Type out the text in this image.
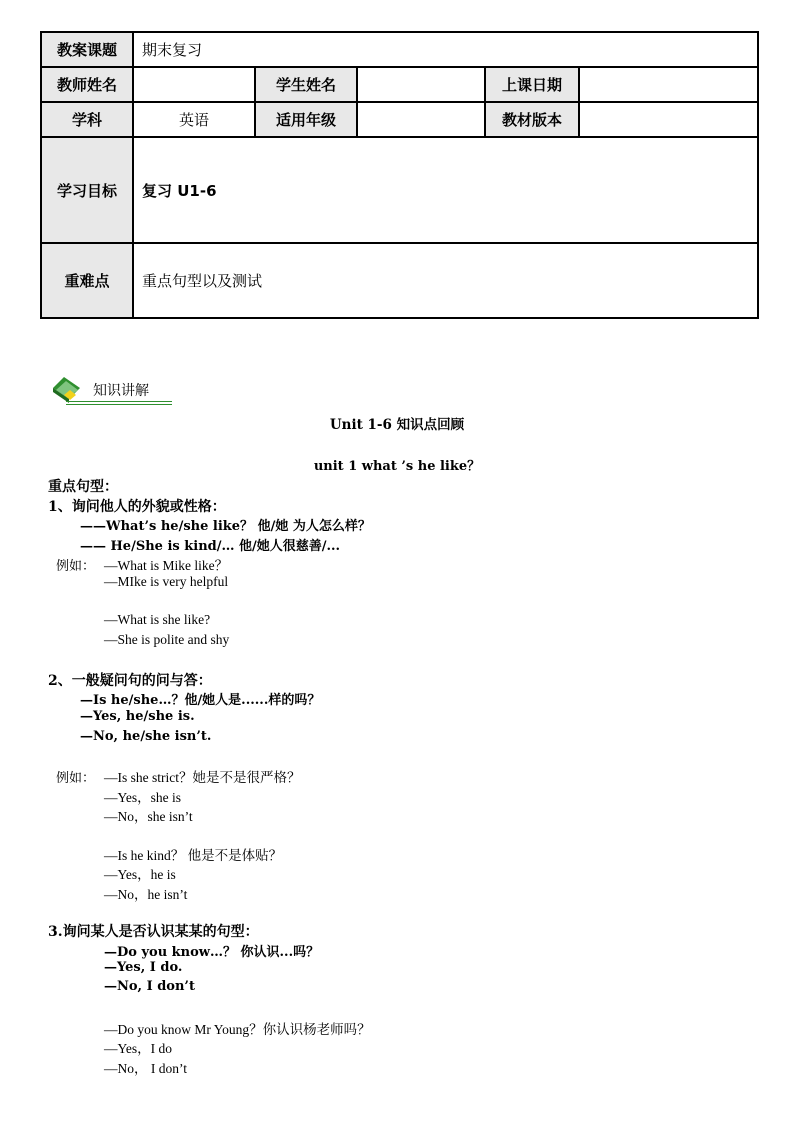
教案课题	期末复习				
教师姓名		学生姓名		上课日期	
学科	英语	适用年级		教材版本	
学习目标	复习 U1-6				
重难点	重点句型以及测试				
知识讲解
Unit 1-6 知识点回顾
unit 1 what ’s he like？
重点句型：
1、询问他人的外貌或性格：
——What’s he/she like？ 他/她 为人怎么样？
—— He/She is kind/… 他/她人很慈善/...
例如： —What is Mike like？
—MIke is very helpful
—What is she like?
—She is polite and shy
2、一般疑问句的问与答：
—Is he/she…？他/她人是......样的吗？
—Yes, he/she is.
—No, he/she isn’t.
例如： —Is she strict？她是不是很严格？
—Yes，she is
—No，she isn’t
—Is he kind？ 他是不是体贴？
—Yes，he is
—No，he isn’t
3.询问某人是否认识某某的句型：
—Do you know…？ 你认识...吗？
—Yes, I do.
—No, I don’t
—Do you know Mr Young？你认识杨老师吗？
—Yes，I do
—No， I don’t
